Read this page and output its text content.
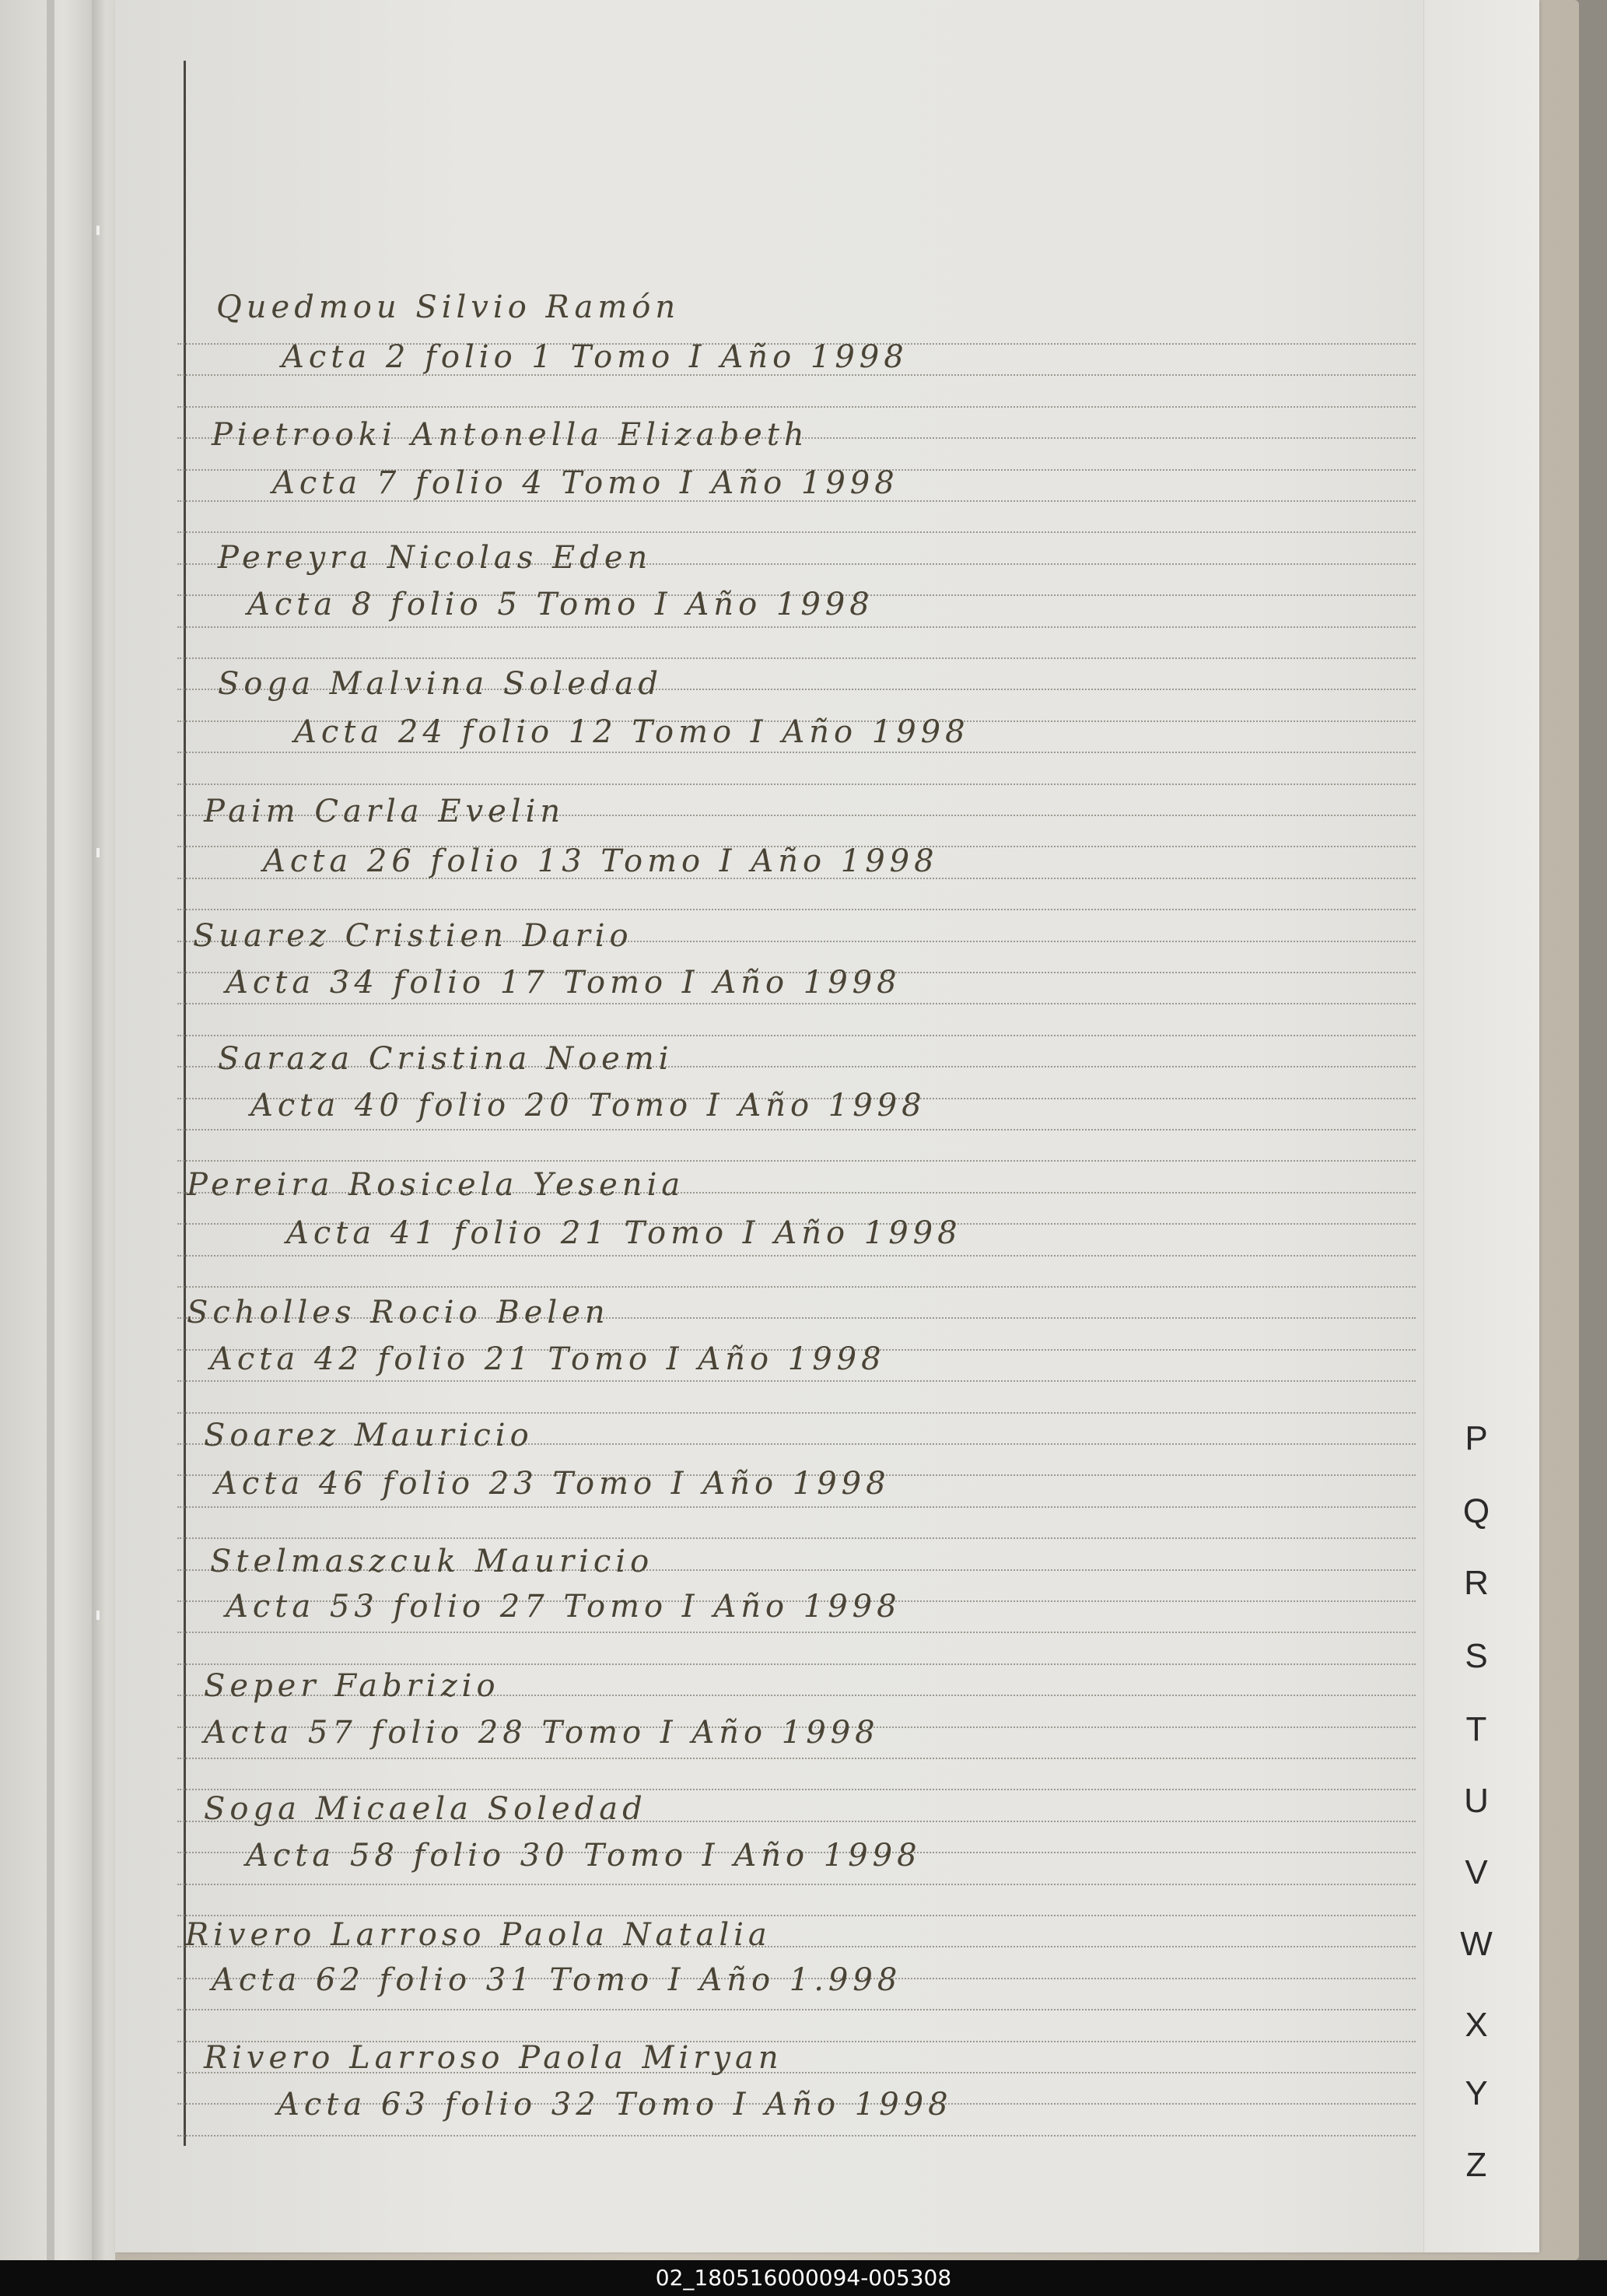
Quedmou Silvio Ramón
Acta 2 folio 1 Tomo I Año 1998
Pietrooki Antonella Elizabeth
Acta 7 folio 4 Tomo I Año 1998
Pereyra Nicolas Eden
Acta 8 folio 5 Tomo I Año 1998
Soga Malvina Soledad
Acta 24 folio 12 Tomo I Año 1998
Paim Carla Evelin
Acta 26 folio 13 Tomo I Año 1998
Suarez Cristien Dario
Acta 34 folio 17 Tomo I Año 1998
Saraza Cristina Noemi
Acta 40 folio 20 Tomo I Año 1998
Pereira Rosicela Yesenia
Acta 41 folio 21 Tomo I Año 1998
Scholles Rocio Belen
Acta 42 folio 21 Tomo I Año 1998
Soarez Mauricio
Acta 46 folio 23 Tomo I Año 1998
Stelmaszcuk Mauricio
Acta 53 folio 27 Tomo I Año 1998
Seper Fabrizio
Acta 57 folio 28 Tomo I Año 1998
Soga Micaela Soledad
Acta 58 folio 30 Tomo I Año 1998
Rivero Larroso Paola Natalia
Acta 62 folio 31 Tomo I Año 1.998
Rivero Larroso Paola Miryan
Acta 63 folio 32 Tomo I Año 1998
P
Q
R
S
T
U
V
W
X
Y
Z
02_180516000094-005308
